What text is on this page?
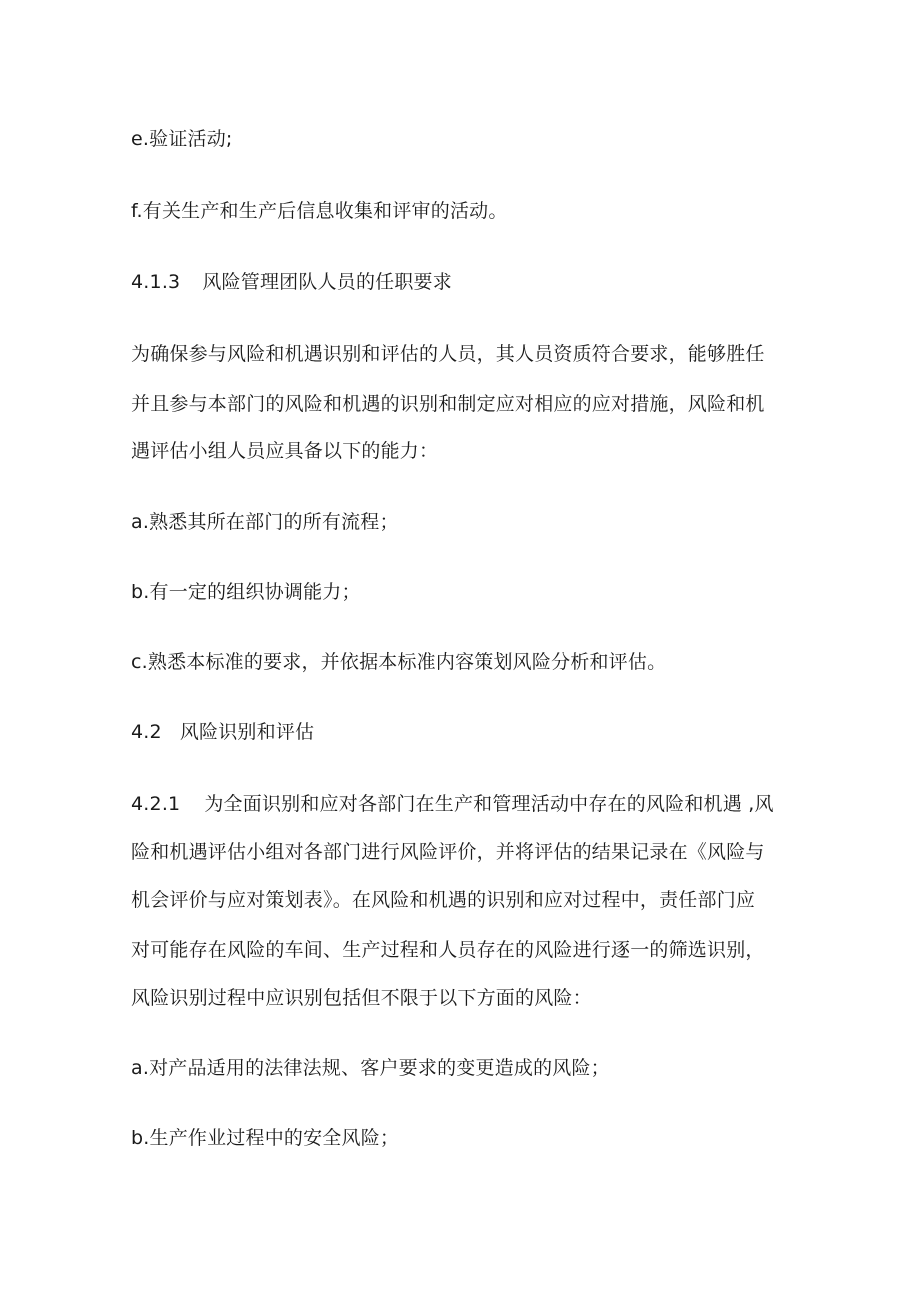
e.验证活动;
f.有关生产和生产后信息收集和评审的活动。
4.1.3 风险管理团队人员的任职要求
为确保参与风险和机遇识别和评估的人员，其人员资质符合要求，能够胜任
并且参与本部门的风险和机遇的识别和制定应对相应的应对措施，风险和机
遇评估小组人员应具备以下的能力：
a.熟悉其所在部门的所有流程；
b.有一定的组织协调能力；
c.熟悉本标准的要求，并依据本标准内容策划风险分析和评估。
4.2 风险识别和评估
4.2.1 为全面识别和应对各部门在生产和管理活动中存在的风险和机遇 ,风
险和机遇评估小组对各部门进行风险评价，并将评估的结果记录在《风险与
机会评价与应对策划表》。在风险和机遇的识别和应对过程中，责任部门应
对可能存在风险的车间、生产过程和人员存在的风险进行逐一的筛选识别，
风险识别过程中应识别包括但不限于以下方面的风险：
a.对产品适用的法律法规、客户要求的变更造成的风险；
b.生产作业过程中的安全风险；
